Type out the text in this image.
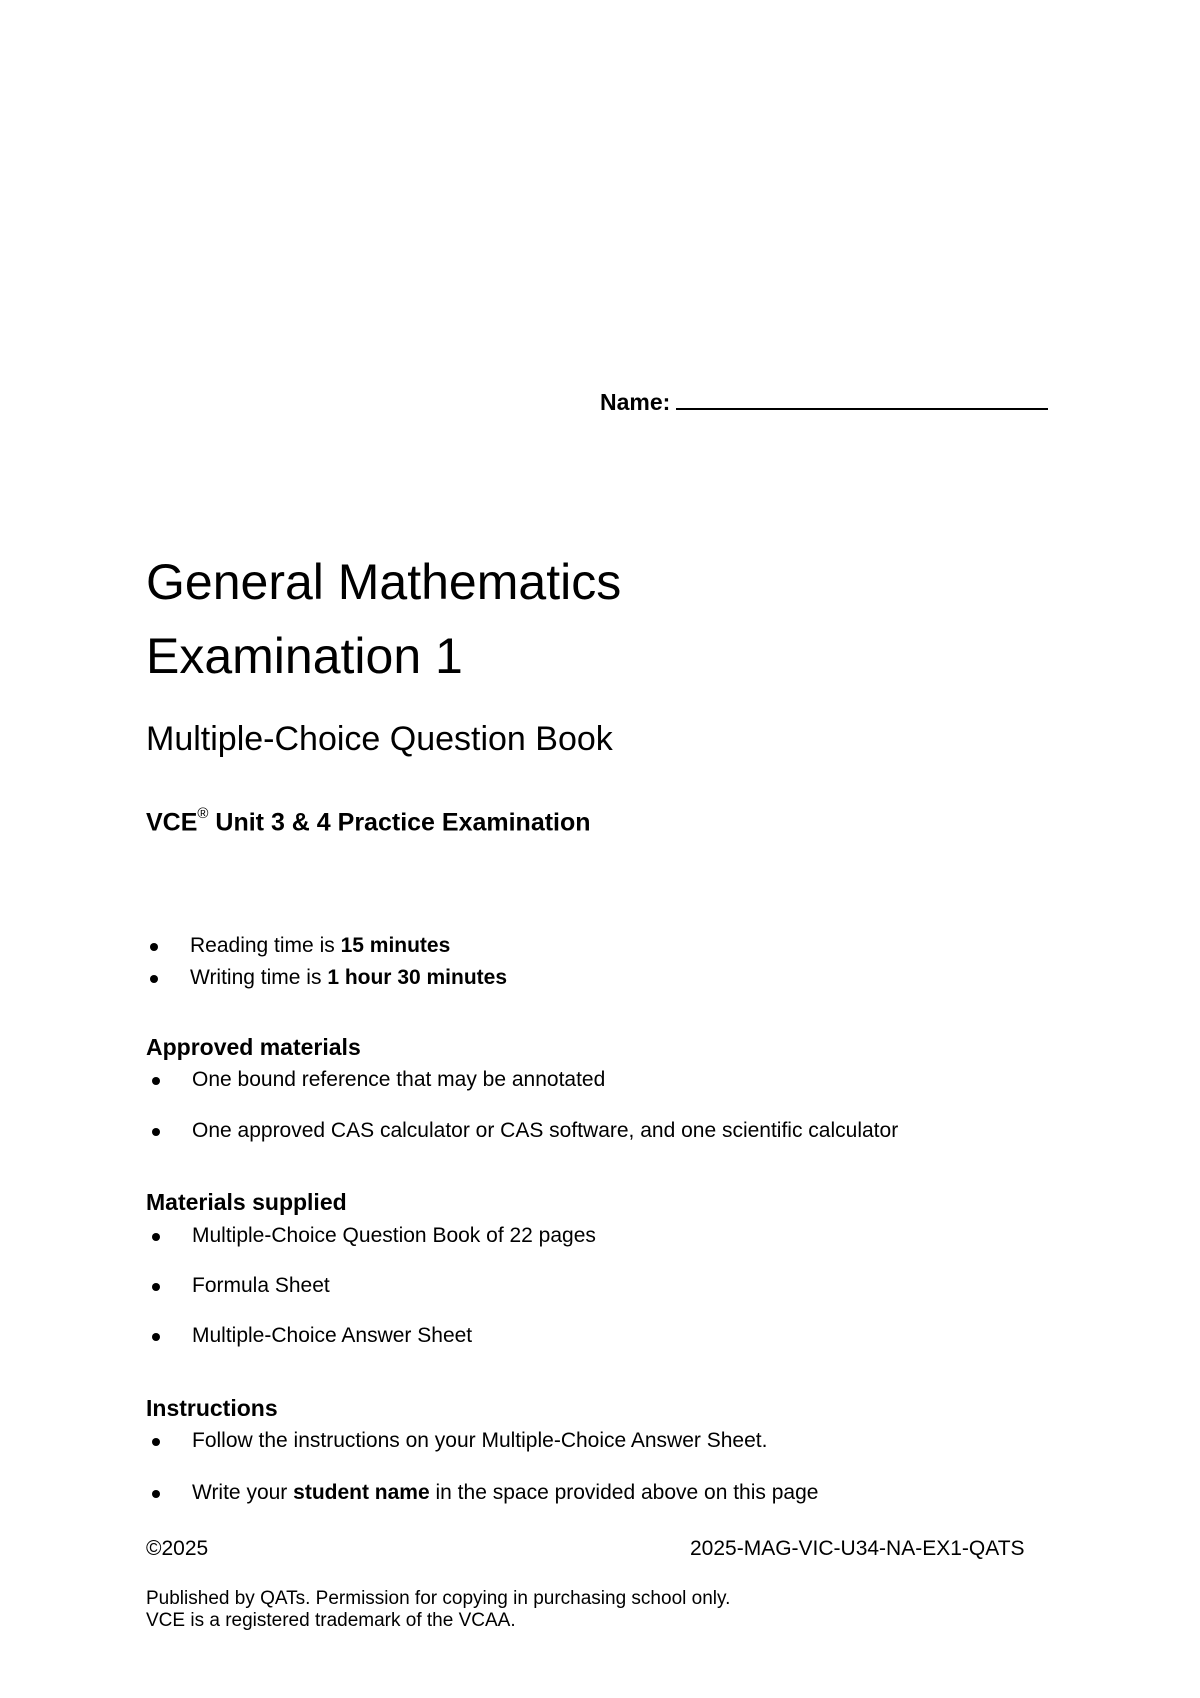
Name:
General Mathematics
Examination 1
Multiple-Choice Question Book
VCE® Unit 3 & 4 Practice Examination
Reading time is 15 minutes
Writing time is 1 hour 30 minutes
Approved materials
One bound reference that may be annotated
One approved CAS calculator or CAS software, and one scientific calculator
Materials supplied
Multiple-Choice Question Book of 22 pages
Formula Sheet
Multiple-Choice Answer Sheet
Instructions
Follow the instructions on your Multiple-Choice Answer Sheet.
Write your student name in the space provided above on this page
©2025	2025-MAG-VIC-U34-NA-EX1-QATS
Published by QATs. Permission for copying in purchasing school only.
VCE is a registered trademark of the VCAA.
